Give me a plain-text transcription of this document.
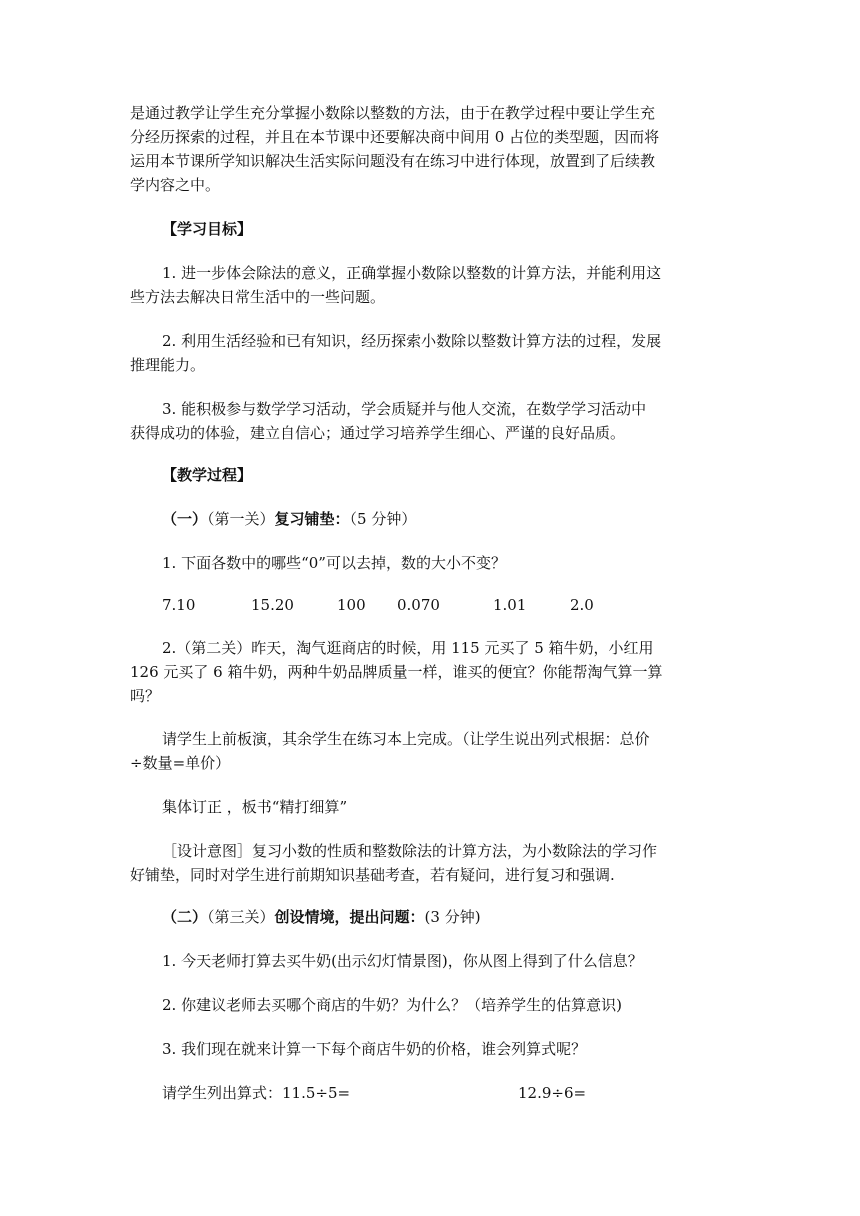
是通过教学让学生充分掌握小数除以整数的方法，由于在教学过程中要让学生充
分经历探索的过程，并且在本节课中还要解决商中间用 0 占位的类型题，因而将
运用本节课所学知识解决生活实际问题没有在练习中进行体现，放置到了后续教
学内容之中。
【学习目标】
1. 进一步体会除法的意义，正确掌握小数除以整数的计算方法，并能利用这
些方法去解决日常生活中的一些问题。
2. 利用生活经验和已有知识，经历探索小数除以整数计算方法的过程，发展
推理能力。
3. 能积极参与数学学习活动，学会质疑并与他人交流，在数学学习活动中
获得成功的体验，建立自信心；通过学习培养学生细心、严谨的良好品质。
【教学过程】
（一）（第一关）复习铺垫：（5 分钟）
1. 下面各数中的哪些“0”可以去掉，数的大小不变？
7.10	15.20	100 0.070	1.01	2.0
2.（第二关）昨天，淘气逛商店的时候，用 115 元买了 5 箱牛奶，小红用
126 元买了 6 箱牛奶，两种牛奶品牌质量一样，谁买的便宜？你能帮淘气算一算
吗？
请学生上前板演，其余学生在练习本上完成。（让学生说出列式根据：总价
÷数量=单价）
集体订正 ，板书“精打细算”
［设计意图］复习小数的性质和整数除法的计算方法，为小数除法的学习作
好铺垫，同时对学生进行前期知识基础考查，若有疑问，进行复习和强调.
（二）（第三关）创设情境，提出问题：(3 分钟)
1. 今天老师打算去买牛奶(出示幻灯情景图)，你从图上得到了什么信息？
2. 你建议老师去买哪个商店的牛奶？为什么？（培养学生的估算意识)
3. 我们现在就来计算一下每个商店牛奶的价格，谁会列算式呢？
请学生列出算式：11.5÷5=	12.9÷6=
